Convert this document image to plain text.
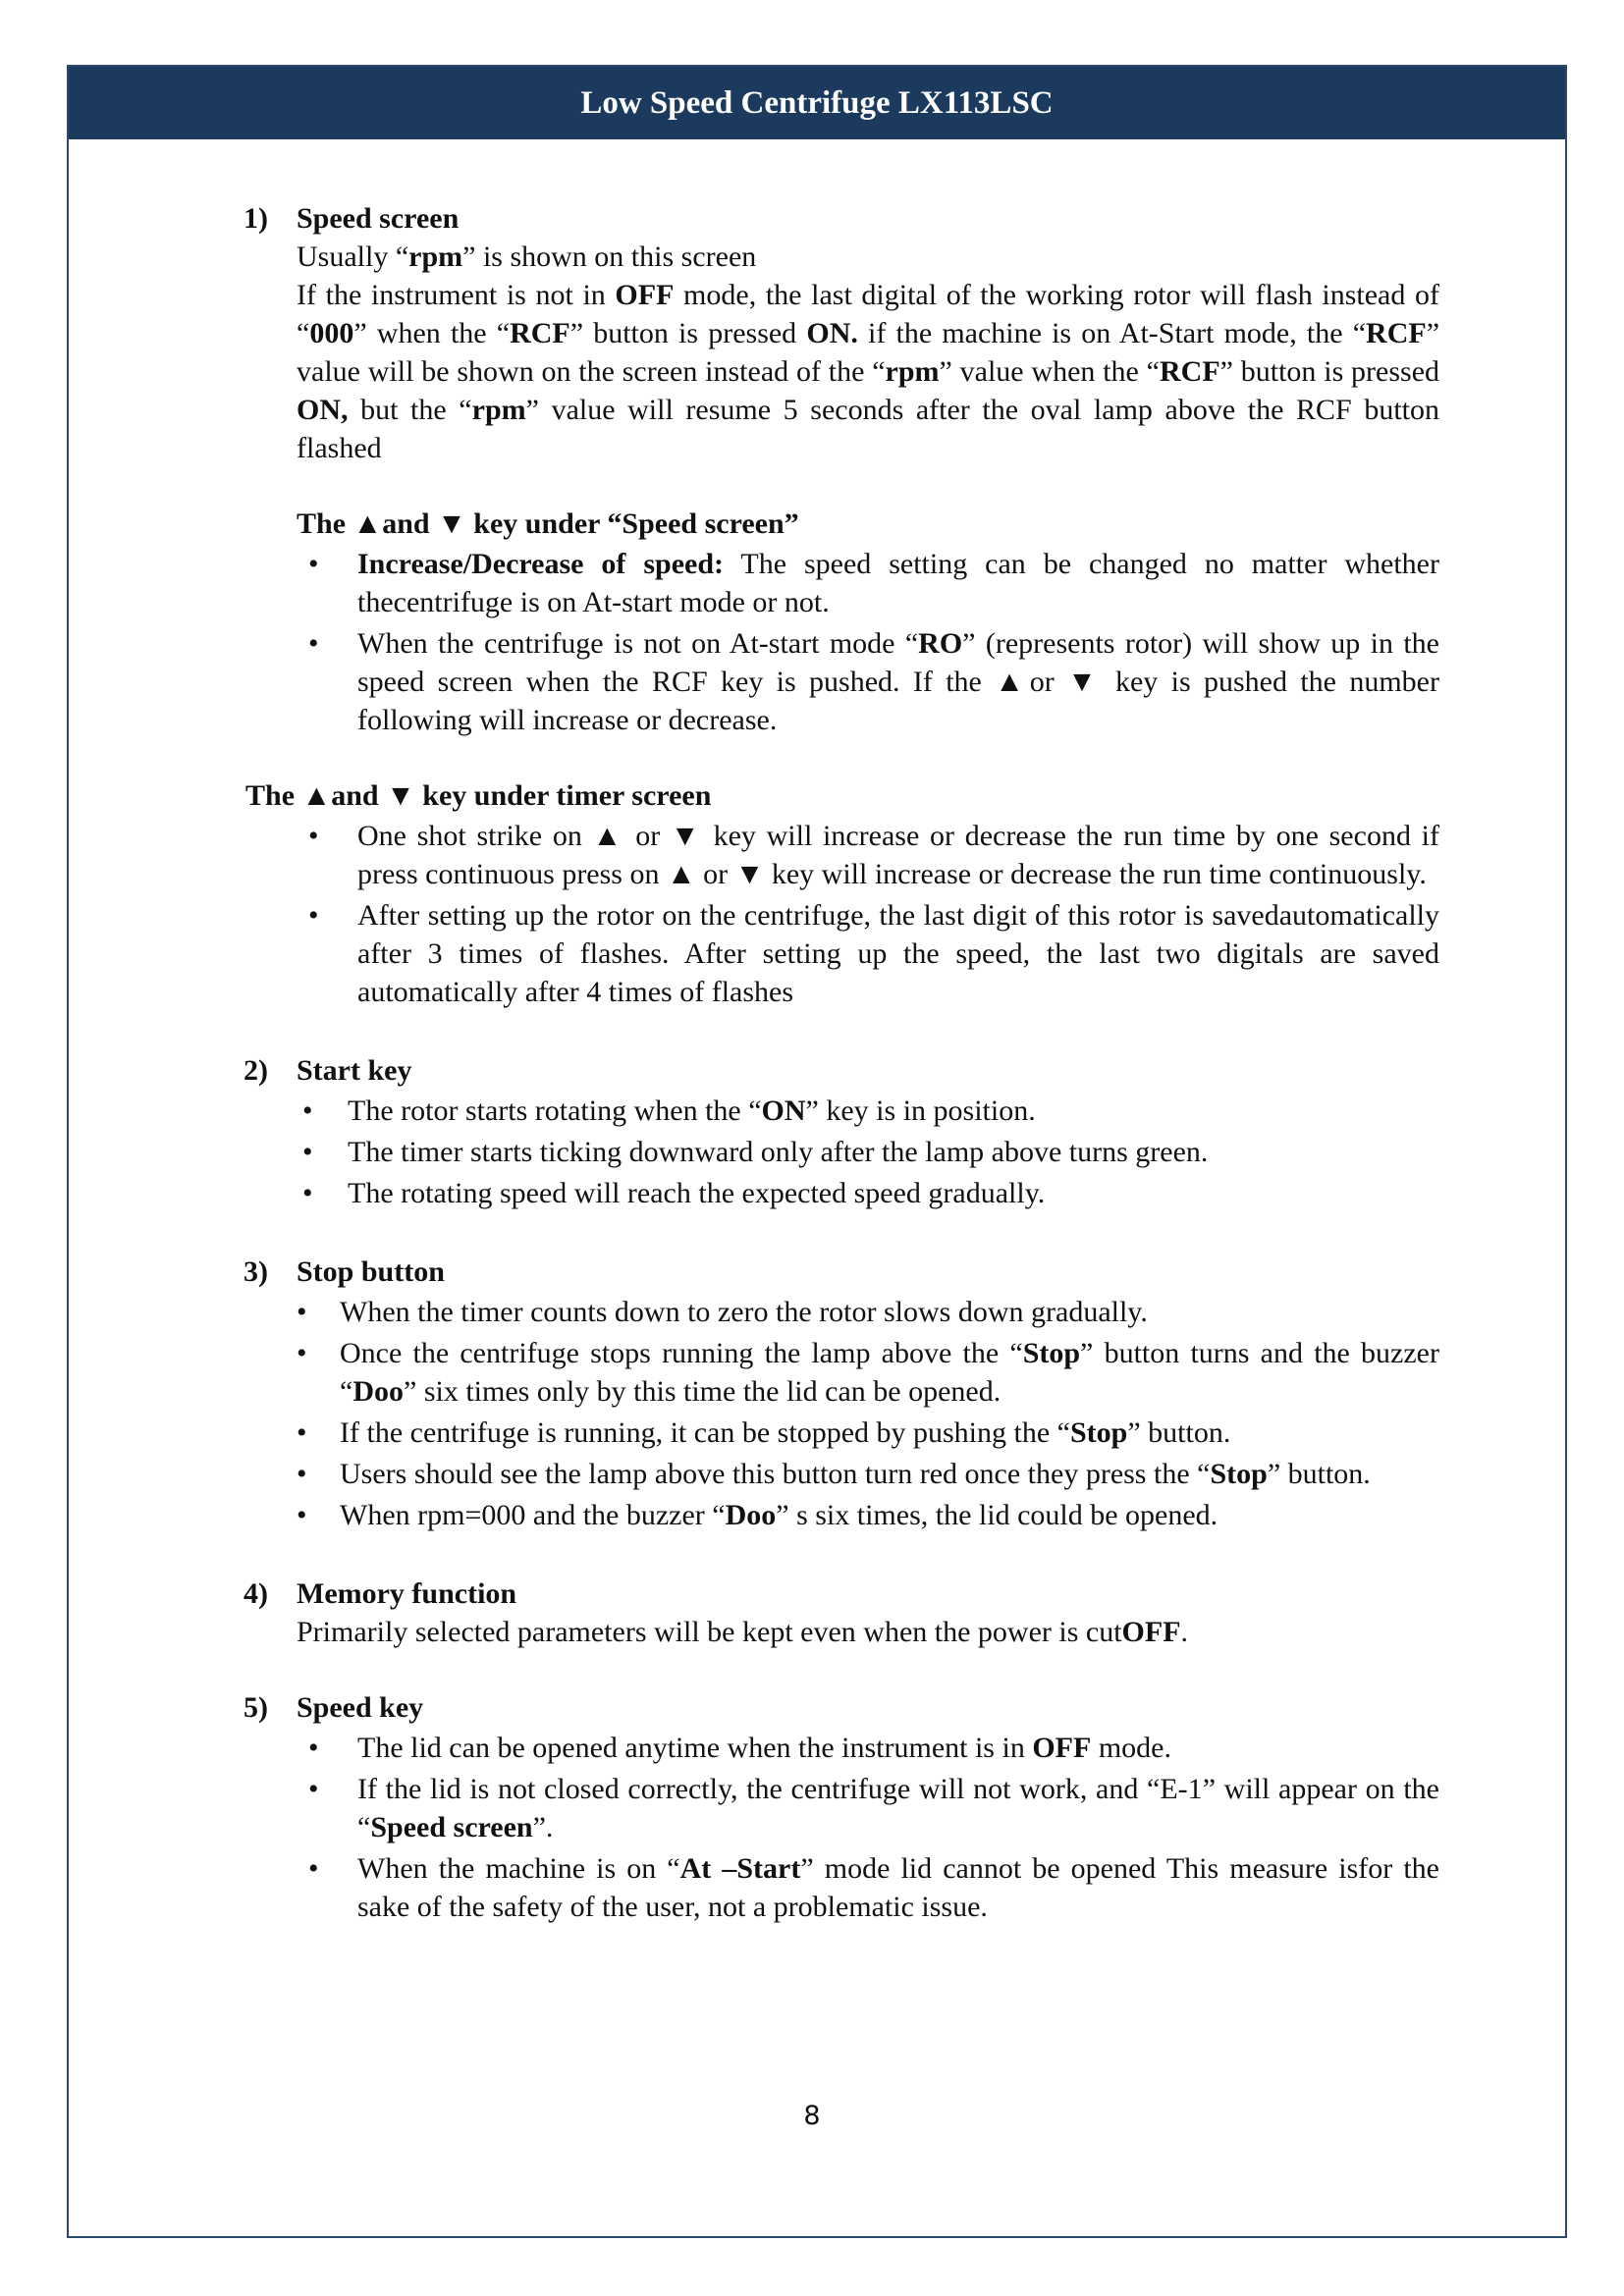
Low Speed Centrifuge LX113LSC
1) Speed screen

Usually “rpm” is shown on this screen

If the instrument is not in OFF mode, the last digital of the working rotor will flash instead of “000” when the “RCF” button is pressed ON. if the machine is on At-Start mode, the “RCF” value will be shown on the screen instead of the “rpm” value when the “RCF” button is pressed ON, but the “rpm” value will resume 5 seconds after the oval lamp above the RCF button flashed

The ▲and ▼ key under “Speed screen”
• Increase/Decrease of speed: The speed setting can be changed no matter whether thecentrifuge is on At-start mode or not.
• When the centrifuge is not on At-start mode “RO” (represents rotor) will show up in the speed screen when the RCF key is pushed. If the ▲or ▼ key is pushed the number following will increase or decrease.
The ▲and ▼ key under timer screen
• One shot strike on ▲ or ▼ key will increase or decrease the run time by one second if press continuous press on ▲ or ▼ key will increase or decrease the run time continuously.
• After setting up the rotor on the centrifuge, the last digit of this rotor is savedautomatically after 3 times of flashes. After setting up the speed, the last two digitals are saved automatically after 4 times of flashes
2) Start key
• The rotor starts rotating when the “ON” key is in position.
• The timer starts ticking downward only after the lamp above turns green.
• The rotating speed will reach the expected speed gradually.
3) Stop button
• When the timer counts down to zero the rotor slows down gradually.
• Once the centrifuge stops running the lamp above the “Stop” button turns and the buzzer “Doo” six times only by this time the lid can be opened.
• If the centrifuge is running, it can be stopped by pushing the “Stop” button.
• Users should see the lamp above this button turn red once they press the “Stop” button.
• When rpm=000 and the buzzer “Doo” s six times, the lid could be opened.
4) Memory function

Primarily selected parameters will be kept even when the power is cutOFF.

5) Speed key
• The lid can be opened anytime when the instrument is in OFF mode.
• If the lid is not closed correctly, the centrifuge will not work, and “E-1” will appear on the “Speed screen”.
• When the machine is on “At –Start” mode lid cannot be opened This measure isfor the sake of the safety of the user, not a problematic issue.
8
